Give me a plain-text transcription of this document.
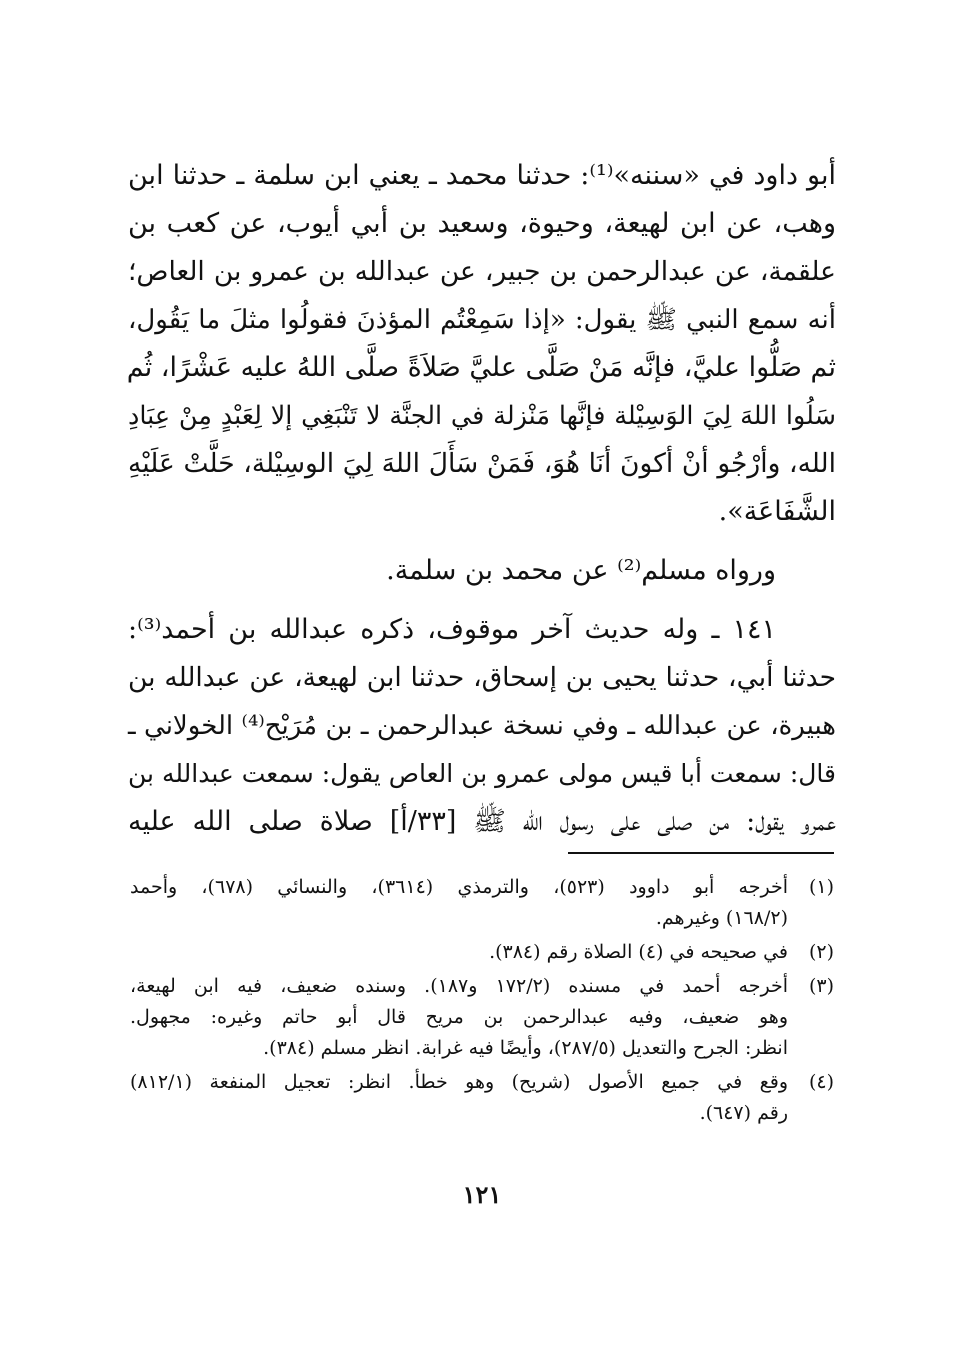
أبو داود في «سننه»⁽¹⁾: حدثنا محمد ـ يعني ابن سلمة ـ حدثنا ابن
وهب، عن ابن لهيعة، وحيوة، وسعيد بن أبي أيوب، عن كعب بن
علقمة، عن عبدالرحمن بن جبير، عن عبدالله بن عمرو بن العاص؛
أنه سمع النبي ﷺ يقول: «إذا سَمِعْتُم المؤذنَ فقولُوا مثلَ ما يَقُول،
ثم صَلُّوا عليَّ، فإنَّه مَنْ صَلَّى عليَّ صَلاَةً صلَّى اللهُ عليه عَشْرًا، ثُم
سَلُوا اللهَ لِيَ الوَسِيْلة فإنَّها مَنْزلة في الجنَّة لا تَنْبَغِي إلا لِعَبْدٍ مِنْ عِبَادِ
الله، وأرْجُو أنْ أكونَ أنَا هُوَ، فَمَنْ سَأَلَ اللهَ لِيَ الوسِيْلة، حَلَّتْ عَلَيْهِ
الشَّفَاعَة».
ورواه مسلم⁽²⁾ عن محمد بن سلمة.
١٤١ ـ وله حديث آخر موقوف، ذكره عبدالله بن أحمد⁽³⁾:
حدثنا أبي، حدثنا يحيى بن إسحاق، حدثنا ابن لهيعة، عن عبدالله بن
هبيرة، عن عبدالله ـ وفي نسخة عبدالرحمن ـ بن مُرَيْح⁽⁴⁾ الخولاني ـ
قال: سمعت أبا قيس مولى عمرو بن العاص يقول: سمعت عبدالله بن
عمرو يقول: من صلى على رسول الله ﷺ [٣٣/أ] صلاة صلى الله عليه
(١)أخرجه أبو داوود (٥٢٣)، والترمذي (٣٦١٤)، والنسائي (٦٧٨)، وأحمد
(١٦٨/٢) وغيرهم.
(٢)في صحيحه في (٤) الصلاة رقم (٣٨٤).
(٣)أخرجه أحمد في مسنده (١٧٢/٢ و١٨٧). وسنده ضعيف، فيه ابن لهيعة،
وهو ضعيف، وفيه عبدالرحمن بن مريح قال أبو حاتم وغيره: مجهول.
انظر: الجرح والتعديل (٢٨٧/٥)، وأيضًا فيه غرابة. انظر مسلم (٣٨٤).
(٤)وقع في جميع الأصول (شريح) وهو خطأ. انظر: تعجيل المنفعة (٨١٢/١)
رقم (٦٤٧).
١٢١
